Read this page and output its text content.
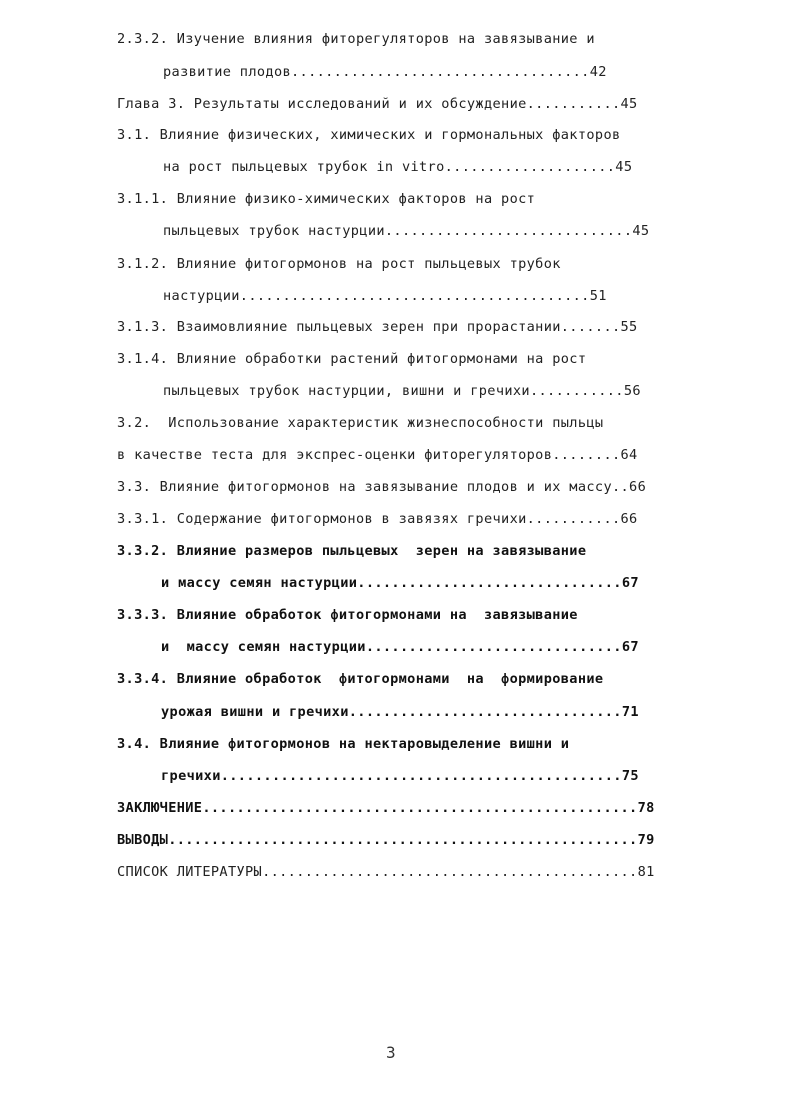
2.3.2. Изучение влияния фиторегуляторов на завязывание и
развитие плодов...................................42
Глава 3. Результаты исследований и их обсуждение...........45
3.1. Влияние физических, химических и гормональных факторов
на рост пыльцевых трубок in vitro....................45
3.1.1. Влияние физико-химических факторов на рост
пыльцевых трубок настурции.............................45
3.1.2. Влияние фитогормонов на рост пыльцевых трубок
настурции.........................................51
3.1.3. Взаимовлияние пыльцевых зерен при прорастании.......55
3.1.4. Влияние обработки растений фитогормонами на рост
пыльцевых трубок настурции, вишни и гречихи...........56
3.2.  Использование характеристик жизнеспособности пыльцы
в качестве теста для экспрес-оценки фиторегуляторов........64
3.3. Влияние фитогормонов на завязывание плодов и их массу..66
3.3.1. Содержание фитогормонов в завязях гречихи...........66
3.3.2. Влияние размеров пыльцевых  зерен на завязывание
и массу семян настурции...............................67
3.3.3. Влияние обработок фитогормонами на  завязывание
и  массу семян настурции..............................67
3.3.4. Влияние обработок  фитогормонами  на  формирование
урожая вишни и гречихи................................71
3.4. Влияние фитогормонов на нектаровыделение вишни и
гречихи...............................................75
ЗАКЛЮЧЕНИЕ...................................................78
ВЫВОДЫ.......................................................79
СПИСОК ЛИТЕРАТУРЫ............................................81
3
